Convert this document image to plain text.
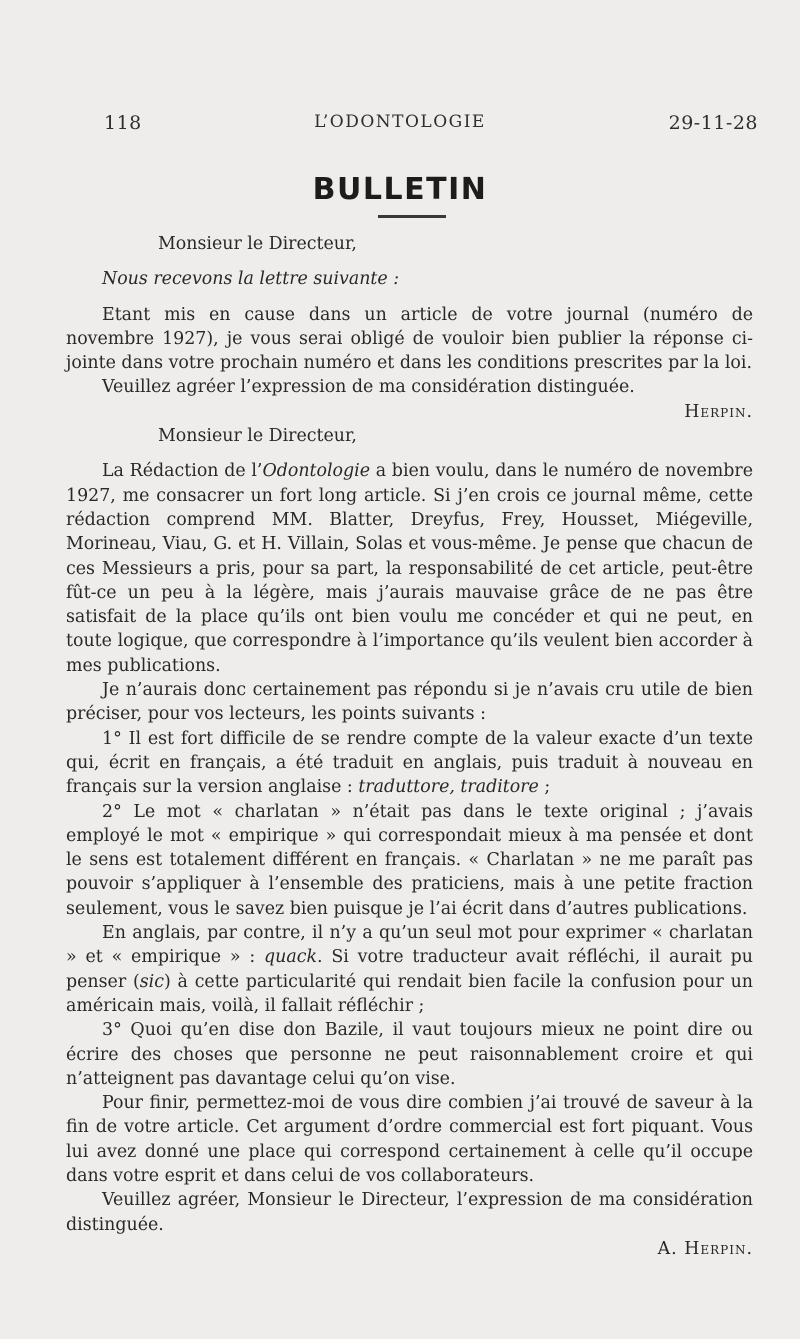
118	L’ODONTOLOGIE	29-11-28
BULLETIN

Monsieur le Directeur,

Nous recevons la lettre suivante :

Etant mis en cause dans un article de votre journal (numéro de novembre 1927), je vous serai obligé de vouloir bien publier la réponse ci-jointe dans votre prochain numéro et dans les conditions prescrites par la loi.

Veuillez agréer l’expression de ma considération distinguée.

Herpin.

Monsieur le Directeur,

La Rédaction de l’Odontologie a bien voulu, dans le numéro de novembre 1927, me consacrer un fort long article. Si j’en crois ce journal même, cette rédaction comprend MM. Blatter, Dreyfus, Frey, Housset, Miégeville, Morineau, Viau, G. et H. Villain, Solas et vous-même. Je pense que chacun de ces Messieurs a pris, pour sa part, la responsabilité de cet article, peut-être fût-ce un peu à la légère, mais j’aurais mauvaise grâce de ne pas être satisfait de la place qu’ils ont bien voulu me concéder et qui ne peut, en toute logique, que correspondre à l’importance qu’ils veulent bien accorder à mes publications.

Je n’aurais donc certainement pas répondu si je n’avais cru utile de bien préciser, pour vos lecteurs, les points suivants :

1° Il est fort difficile de se rendre compte de la valeur exacte d’un texte qui, écrit en français, a été traduit en anglais, puis traduit à nouveau en français sur la version anglaise : traduttore, traditore ;

2° Le mot « charlatan » n’était pas dans le texte original ; j’avais employé le mot « empirique » qui correspondait mieux à ma pensée et dont le sens est totalement différent en français. « Charlatan » ne me paraît pas pouvoir s’appliquer à l’ensemble des praticiens, mais à une petite fraction seulement, vous le savez bien puisque je l’ai écrit dans d’autres publications.

En anglais, par contre, il n’y a qu’un seul mot pour exprimer « charlatan » et « empirique » : quack. Si votre traducteur avait réfléchi, il aurait pu penser (sic) à cette particularité qui rendait bien facile la confusion pour un américain mais, voilà, il fallait réfléchir ;

3° Quoi qu’en dise don Bazile, il vaut toujours mieux ne point dire ou écrire des choses que personne ne peut raisonnablement croire et qui n’atteignent pas davantage celui qu’on vise.

Pour finir, permettez-moi de vous dire combien j’ai trouvé de saveur à la fin de votre article. Cet argument d’ordre commercial est fort piquant. Vous lui avez donné une place qui correspond certainement à celle qu’il occupe dans votre esprit et dans celui de vos collaborateurs.

Veuillez agréer, Monsieur le Directeur, l’expression de ma considération distinguée.

A. Herpin.
